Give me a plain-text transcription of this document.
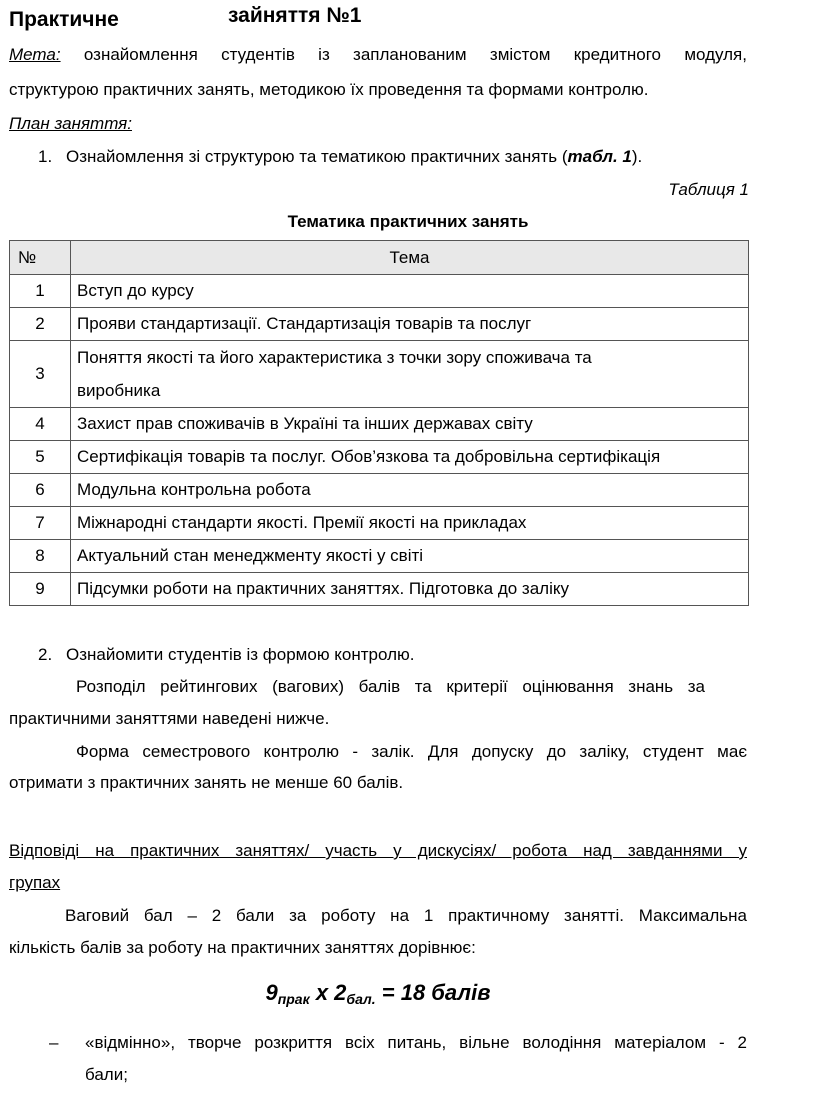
Практичне	зайняття №1
Мета: ознайомлення студентів із запланованим змістом кредитного модуля,
структурою практичних занять, методикою їх проведення та формами контролю.
План заняття:
1. Ознайомлення зі структурою та тематикою практичних занять (табл. 1).
Таблиця 1
Тематика практичних занять
№	Тема
1	Вступ до курсу
2	Прояви стандартизації. Стандартизація товарів та послуг
3	Поняття якості та його характеристика з точки зору споживача та
виробника

4	Захист прав споживачів в Україні та інших державах світу
5	Сертифікація товарів та послуг. Обов’язкова та добровільна сертифікація
6	Модульна контрольна робота
7	Міжнародні стандарти якості. Премії якості на прикладах
8	Актуальний стан менеджменту якості у світі
9	Підсумки роботи на практичних заняттях. Підготовка до заліку
2. Ознайомити студентів із формою контролю.
Розподіл рейтингових (вагових) балів та критерії оцінювання знань за
практичними заняттями наведені нижче.
Форма семестрового контролю - залік. Для допуску до заліку, студент має
отримати з практичних занять не менше 60 балів.
Відповіді на практичних заняттях/ участь у дискусіях/ робота над завданнями у
групах
Ваговий бал – 2 бали за роботу на 1 практичному занятті. Максимальна
кількість балів за роботу на практичних заняттях дорівнює:
$9_{прак}$ х $2_{бал.} = 18$ балів
– «відмінно», творче розкриття всіх питань, вільне володіння матеріалом - 2
бали;
